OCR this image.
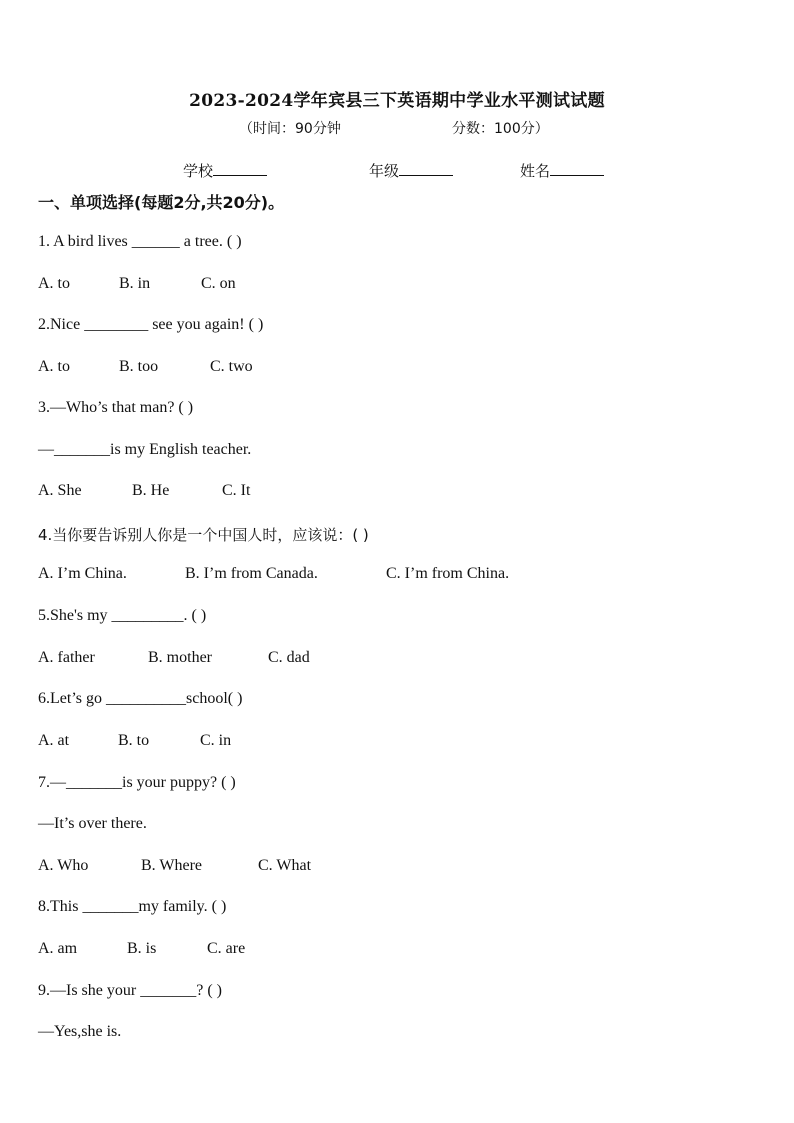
2023-2024学年宾县三下英语期中学业水平测试试题
（时间：90分钟	分数：100分）
学校	年级	姓名
一、单项选择(每题2分,共20分)。
1. A bird lives ______ a tree. ( )
A. to	B. in	C. on
2.Nice ________ see you again! ( )
A. to	B. too	C. two
3.—Who’s that man? ( )
—_______is my English teacher.
A. She	B. He	C. It
4.当你要告诉别人你是一个中国人时，应该说：( )
A. I’m China.	B. I’m from Canada.	C. I’m from China.
5.She's my _________. ( )
A. father	B. mother	C. dad
6.Let’s go __________school( )
A. at	B. to	C. in
7.—_______is your puppy? ( )
—It’s over there.
A. Who	B. Where	C. What
8.This _______my family. ( )
A. am	B. is	C. are
9.—Is she your _______? ( )
—Yes,she is.
